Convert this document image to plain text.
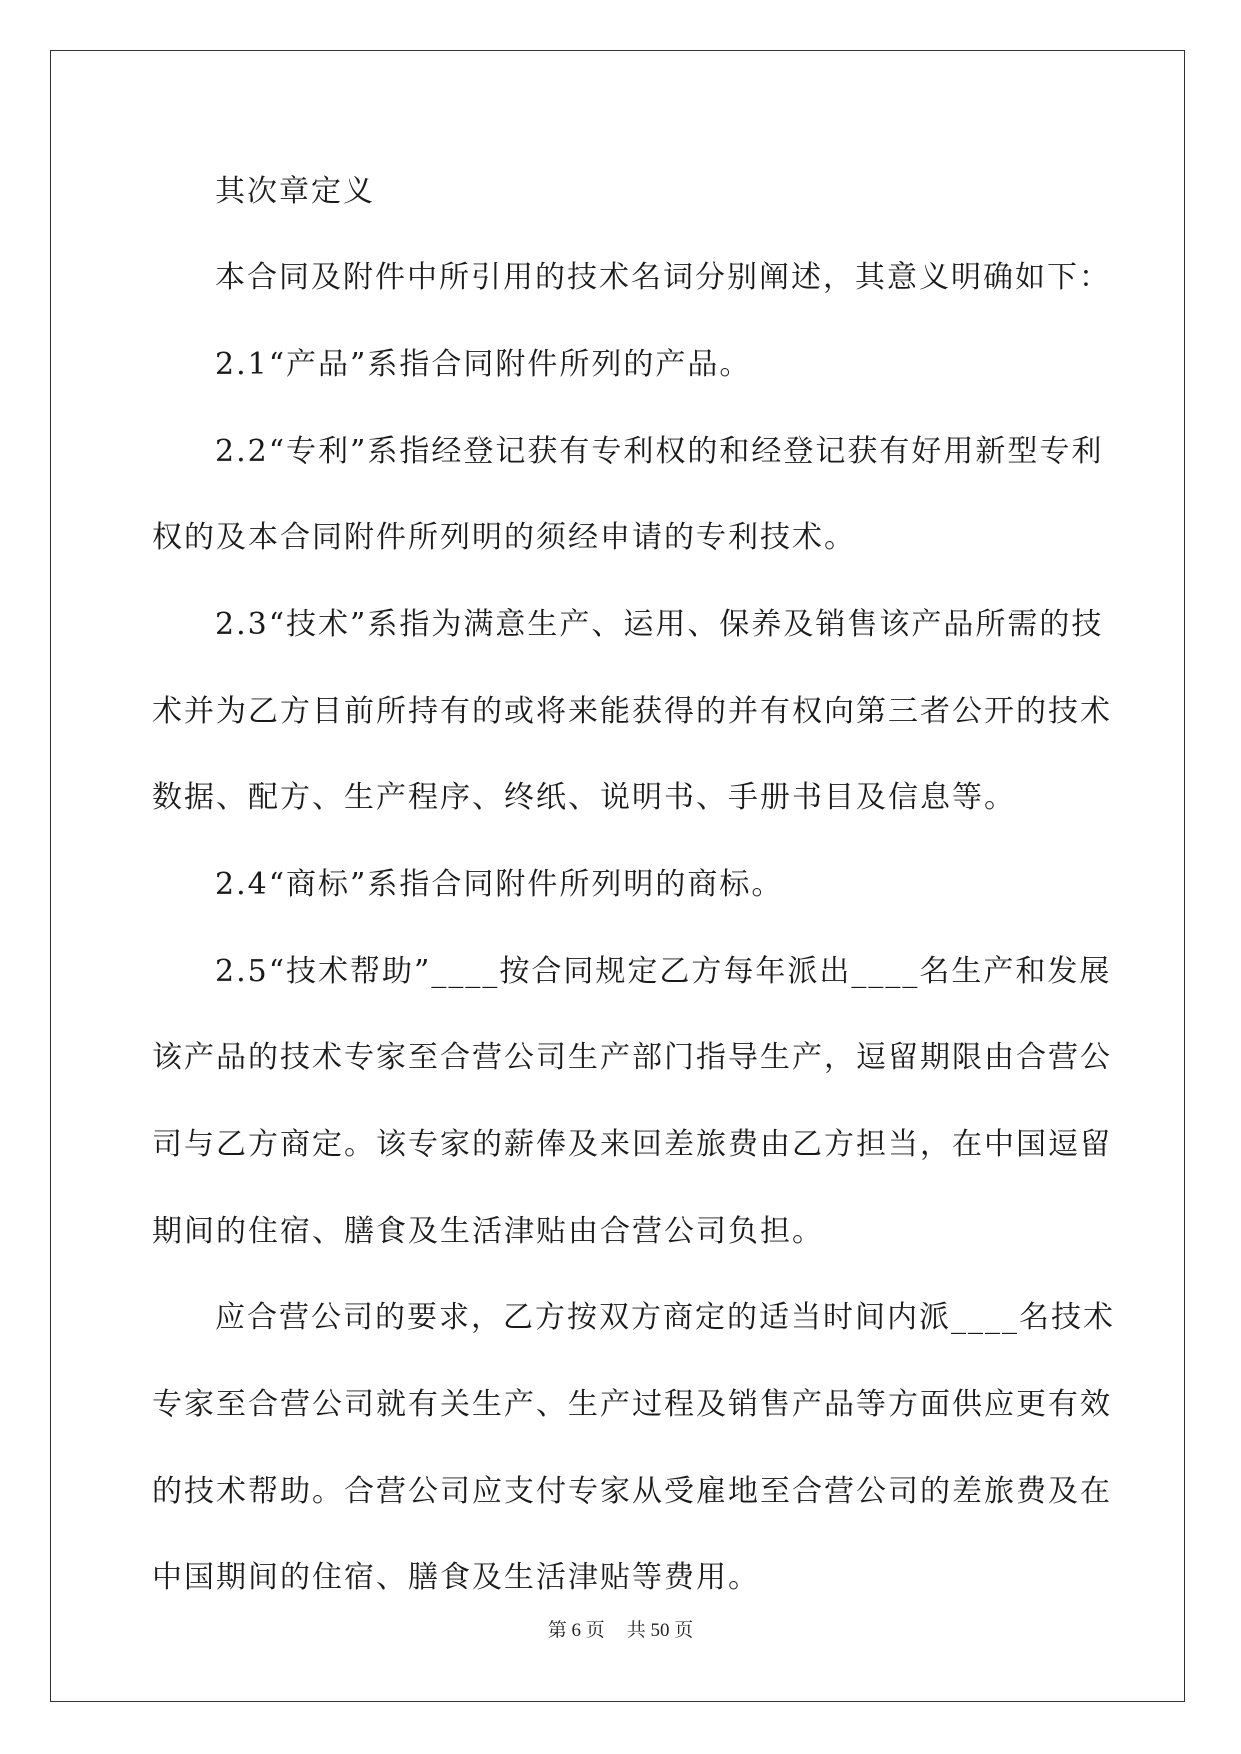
其次章定义
本合同及附件中所引用的技术名词分别阐述，其意义明确如下：
2.1“产品”系指合同附件所列的产品。
2.2“专利”系指经登记获有专利权的和经登记获有好用新型专利
权的及本合同附件所列明的须经申请的专利技术。
2.3“技术”系指为满意生产、运用、保养及销售该产品所需的技
术并为乙方目前所持有的或将来能获得的并有权向第三者公开的技术
数据、配方、生产程序、终纸、说明书、手册书目及信息等。
2.4“商标”系指合同附件所列明的商标。
2.5“技术帮助”____按合同规定乙方每年派出____名生产和发展
该产品的技术专家至合营公司生产部门指导生产，逗留期限由合营公
司与乙方商定。该专家的薪俸及来回差旅费由乙方担当，在中国逗留
期间的住宿、膳食及生活津贴由合营公司负担。
应合营公司的要求，乙方按双方商定的适当时间内派____名技术
专家至合营公司就有关生产、生产过程及销售产品等方面供应更有效
的技术帮助。合营公司应支付专家从受雇地至合营公司的差旅费及在
中国期间的住宿、膳食及生活津贴等费用。
第 6 页 共 50 页
